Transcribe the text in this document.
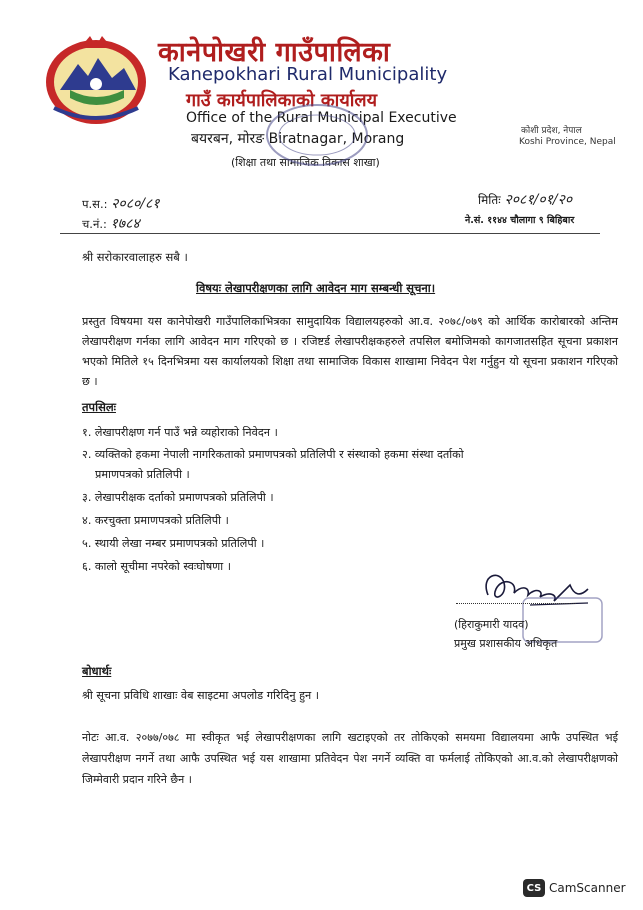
कानेपोखरी गाउँपालिका
Kanepokhari Rural Municipality
गाउँ कार्यपालिकाको कार्यालय
Office of the Rural Municipal Executive
बयरबन, मोरङ Biratnagar, Morang
(शिक्षा तथा सामाजिक विकास शाखा)
कोशी प्रदेश, नेपाल
Koshi Province, Nepal
प.स.: २०८०/८१
च.नं.: १७८४
मितिः २०८१/०१/२०
ने.सं. ११४४ चौलागा ९ बिहिबार
श्री सरोकारवालाहरु सबै ।
विषयः लेखापरीक्षणका लागि आवेदन माग सम्बन्धी सूचना।
प्रस्तुत विषयमा यस कानेपोखरी गाउँपालिकाभित्रका सामुदायिक विद्यालयहरुको आ.व. २०७८/०७९ को आर्थिक कारोबारको अन्तिम लेखापरीक्षण गर्नका लागि आवेदन माग गरिएको छ । रजिष्टर्ड लेखापरीक्षकहरुले तपसिल बमोजिमको कागजातसहित सूचना प्रकाशन भएको मितिले १५ दिनभित्रमा यस कार्यालयको शिक्षा तथा सामाजिक विकास शाखामा निवेदन पेश गर्नुहुन यो सूचना प्रकाशन गरिएको छ ।
तपसिलः
१. लेखापरीक्षण गर्न पाउँ भन्ने व्यहोराको निवेदन ।
२. व्यक्तिको हकमा नेपाली नागरिकताको प्रमाणपत्रको प्रतिलिपी र संस्थाको हकमा संस्था दर्ताको
प्रमाणपत्रको प्रतिलिपी ।
३. लेखापरीक्षक दर्ताको प्रमाणपत्रको प्रतिलिपी ।
४. करचुक्ता प्रमाणपत्रको प्रतिलिपी ।
५. स्थायी लेखा नम्बर प्रमाणपत्रको प्रतिलिपी ।
६. कालो सूचीमा नपरेको स्वःघोषणा ।
(हिराकुमारी यादव)
प्रमुख प्रशासकीय अधिकृत
बोधार्थः
श्री सूचना प्रविधि शाखाः वेब साइटमा अपलोड गरिदिनु हुन ।
नोटः आ.व. २०७७/०७८ मा स्वीकृत भई लेखापरीक्षणका लागि खटाइएको तर तोकिएको समयमा विद्यालयमा आफै उपस्थित भई लेखापरीक्षण नगर्ने तथा आफै उपस्थित भई यस शाखामा प्रतिवेदन पेश नगर्ने व्यक्ति वा फर्मलाई तोकिएको आ.व.को लेखापरीक्षणको जिम्मेवारी प्रदान गरिने छैन ।
CS CamScanner
